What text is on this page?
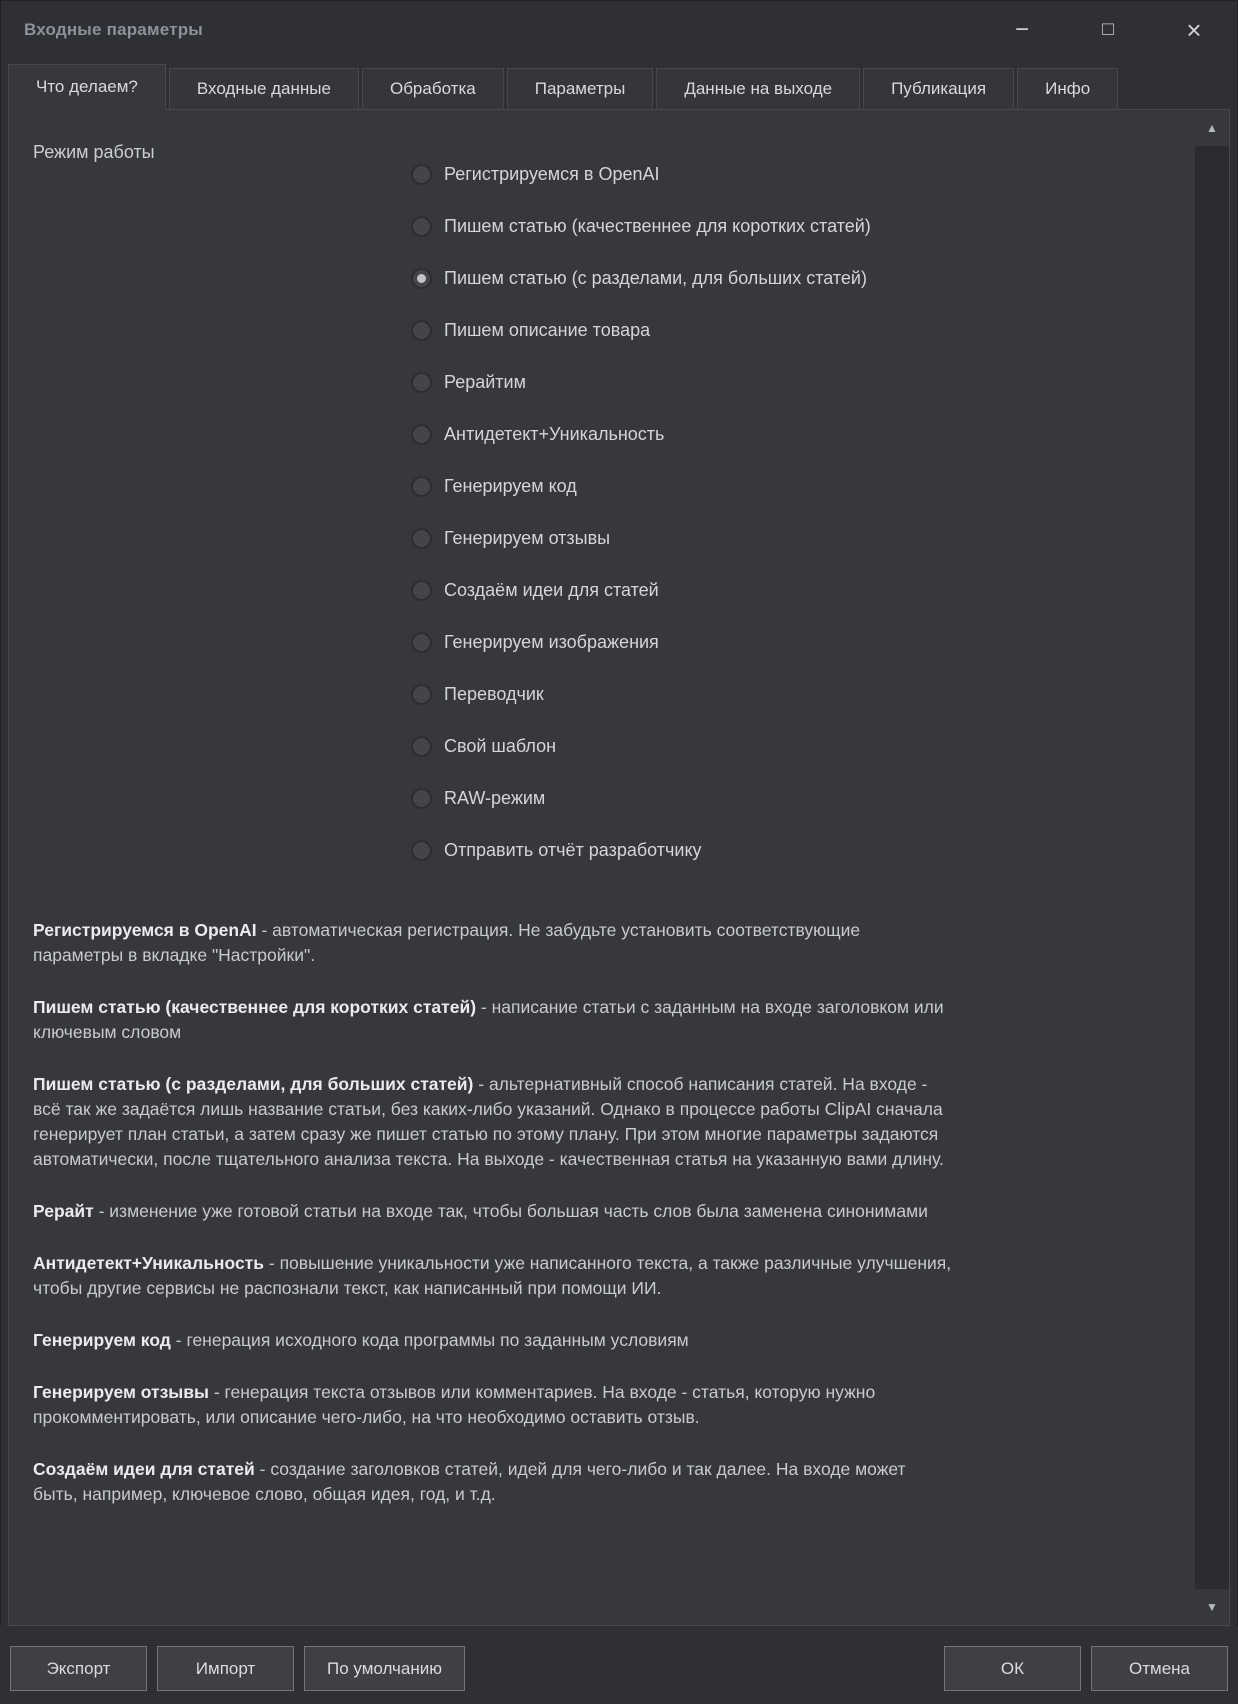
Входные параметры	−	□	×
Что делаем?	Входные данные	Обработка	Параметры	Данные на выходе	Публикация	Инфо
Режим работы
Регистрируемся в OpenAI
Пишем статью (качественнее для коротких статей)
Пишем статью (с разделами, для больших статей)
Пишем описание товара
Рерайтим
Антидетект+Уникальность
Генерируем код
Генерируем отзывы
Создаём идеи для статей
Генерируем изображения
Переводчик
Свой шаблон
RAW-режим
Отправить отчёт разработчику

Регистрируемся в OpenAI - автоматическая регистрация. Не забудьте установить соответствующие параметры в вкладке "Настройки".

Пишем статью (качественнее для коротких статей) - написание статьи с заданным на входе заголовком или ключевым словом

Пишем статью (с разделами, для больших статей) - альтернативный способ написания статей. На входе - всё так же задаётся лишь название статьи, без каких-либо указаний. Однако в процессе работы ClipAI сначала генерирует план статьи, а затем сразу же пишет статью по этому плану. При этом многие параметры задаются автоматически, после тщательного анализа текста. На выходе - качественная статья на указанную вами длину.

Рерайт - изменение уже готовой статьи на входе так, чтобы большая часть слов была заменена синонимами

Антидетект+Уникальность - повышение уникальности уже написанного текста, а также различные улучшения, чтобы другие сервисы не распознали текст, как написанный при помощи ИИ.

Генерируем код - генерация исходного кода программы по заданным условиям

Генерируем отзывы - генерация текста отзывов или комментариев. На входе - статья, которую нужно прокомментировать, или описание чего-либо, на что необходимо оставить отзыв.

Создаём идеи для статей - создание заголовков статей, идей для чего-либо и так далее. На входе может быть, например, ключевое слово, общая идея, год, и т.д.

▲
▼
Экспорт	Импорт	По умолчанию	ОК	Отмена
